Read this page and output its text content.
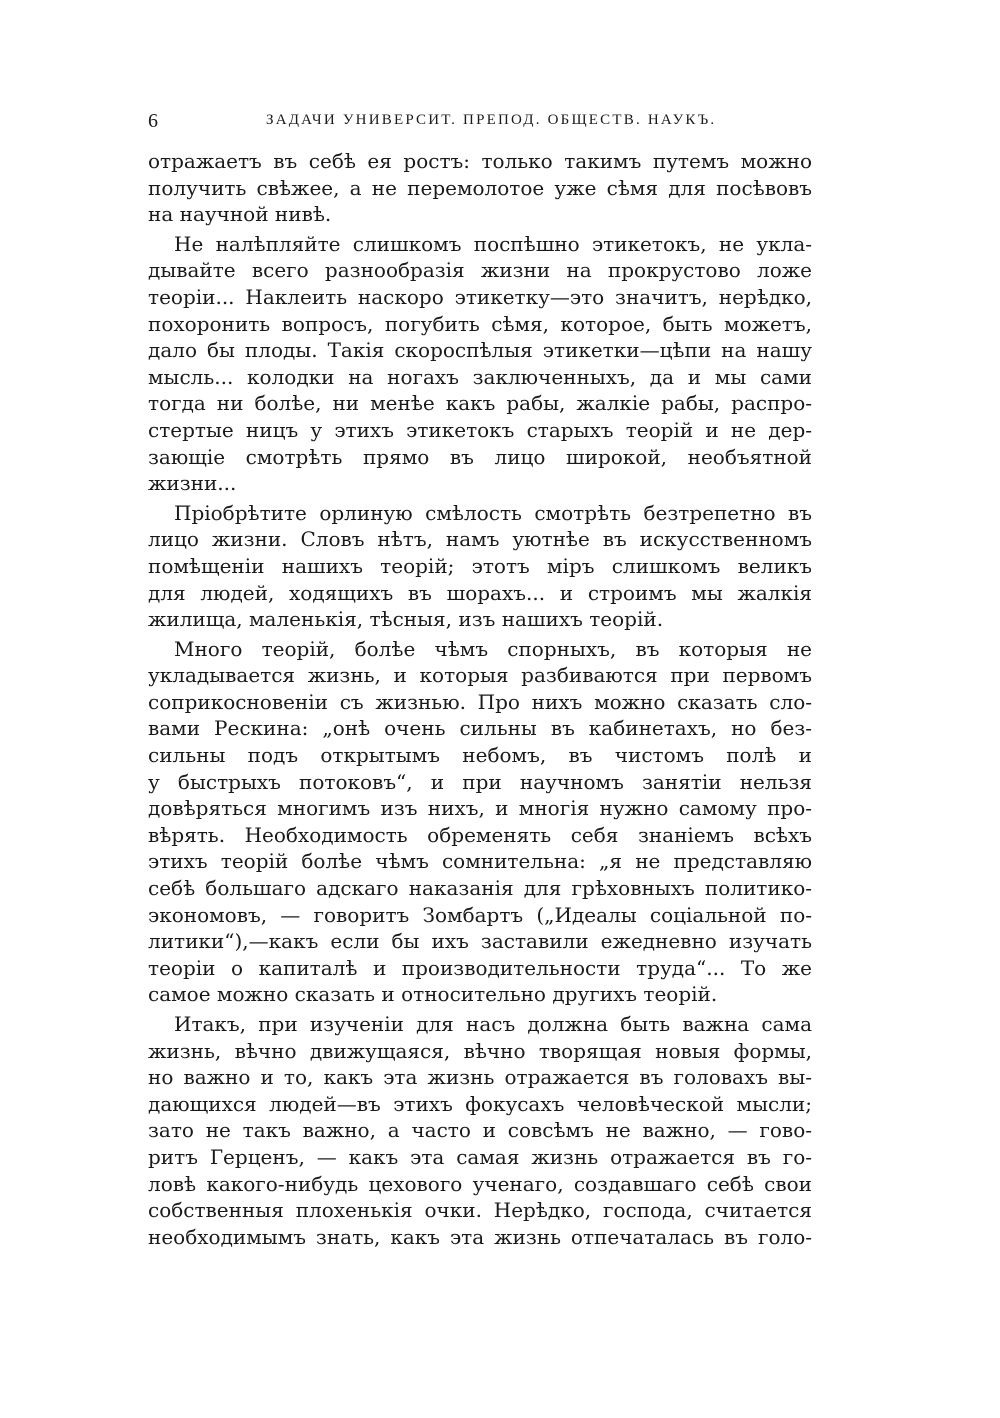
6	ЗАДАЧИ УНИВЕРСИТ. ПРЕПОД. ОБЩЕСТВ. НАУКЪ.
отражаетъ въ себѣ ея ростъ: только такимъ путемъ можно
получить свѣжее, а не перемолотое уже сѣмя для посѣвовъ
на научной нивѣ.
Не налѣпляйте слишкомъ поспѣшно этикетокъ, не укла-
дывайте всего разнообразія жизни на прокрустово ложе
теоріи... Наклеить наскоро этикетку—это значитъ, нерѣдко,
похоронить вопросъ, погубить сѣмя, которое, быть можетъ,
дало бы плоды. Такія скороспѣлыя этикетки—цѣпи на нашу
мысль... колодки на ногахъ заключенныхъ, да и мы сами
тогда ни болѣе, ни менѣе какъ рабы, жалкіе рабы, распро-
стертые ницъ у этихъ этикетокъ старыхъ теорій и не дер-
зающіе смотрѣть прямо въ лицо широкой, необъятной
жизни...
Пріобрѣтите орлиную смѣлость смотрѣть безтрепетно въ
лицо жизни. Словъ нѣтъ, намъ уютнѣе въ искусственномъ
помѣщеніи нашихъ теорій; этотъ міръ слишкомъ великъ
для людей, ходящихъ въ шорахъ... и строимъ мы жалкія
жилища, маленькія, тѣсныя, изъ нашихъ теорій.
Много теорій, болѣе чѣмъ спорныхъ, въ которыя не
укладывается жизнь, и которыя разбиваются при первомъ
соприкосновеніи съ жизнью. Про нихъ можно сказать сло-
вами Рескина: „онѣ очень сильны въ кабинетахъ, но без-
сильны подъ открытымъ небомъ, въ чистомъ полѣ и
у быстрыхъ потоковъ“, и при научномъ занятіи нельзя
довѣряться многимъ изъ нихъ, и многія нужно самому про-
вѣрять. Необходимость обременять себя знаніемъ всѣхъ
этихъ теорій болѣе чѣмъ сомнительна: „я не представляю
себѣ большаго адскаго наказанія для грѣховныхъ политико-
экономовъ, — говоритъ Зомбартъ („Идеалы соціальной по-
литики“),—какъ если бы ихъ заставили ежедневно изучать
теоріи о капиталѣ и производительности труда“... То же
самое можно сказать и относительно другихъ теорій.
Итакъ, при изученіи для насъ должна быть важна сама
жизнь, вѣчно движущаяся, вѣчно творящая новыя формы,
но важно и то, какъ эта жизнь отражается въ головахъ вы-
дающихся людей—въ этихъ фокусахъ человѣческой мысли;
зато не такъ важно, а часто и совсѣмъ не важно, — гово-
ритъ Герценъ, — какъ эта самая жизнь отражается въ го-
ловѣ какого-нибудь цехового ученаго, создавшаго себѣ свои
собственныя плохенькія очки. Нерѣдко, господа, считается
необходимымъ знать, какъ эта жизнь отпечаталась въ голо-
